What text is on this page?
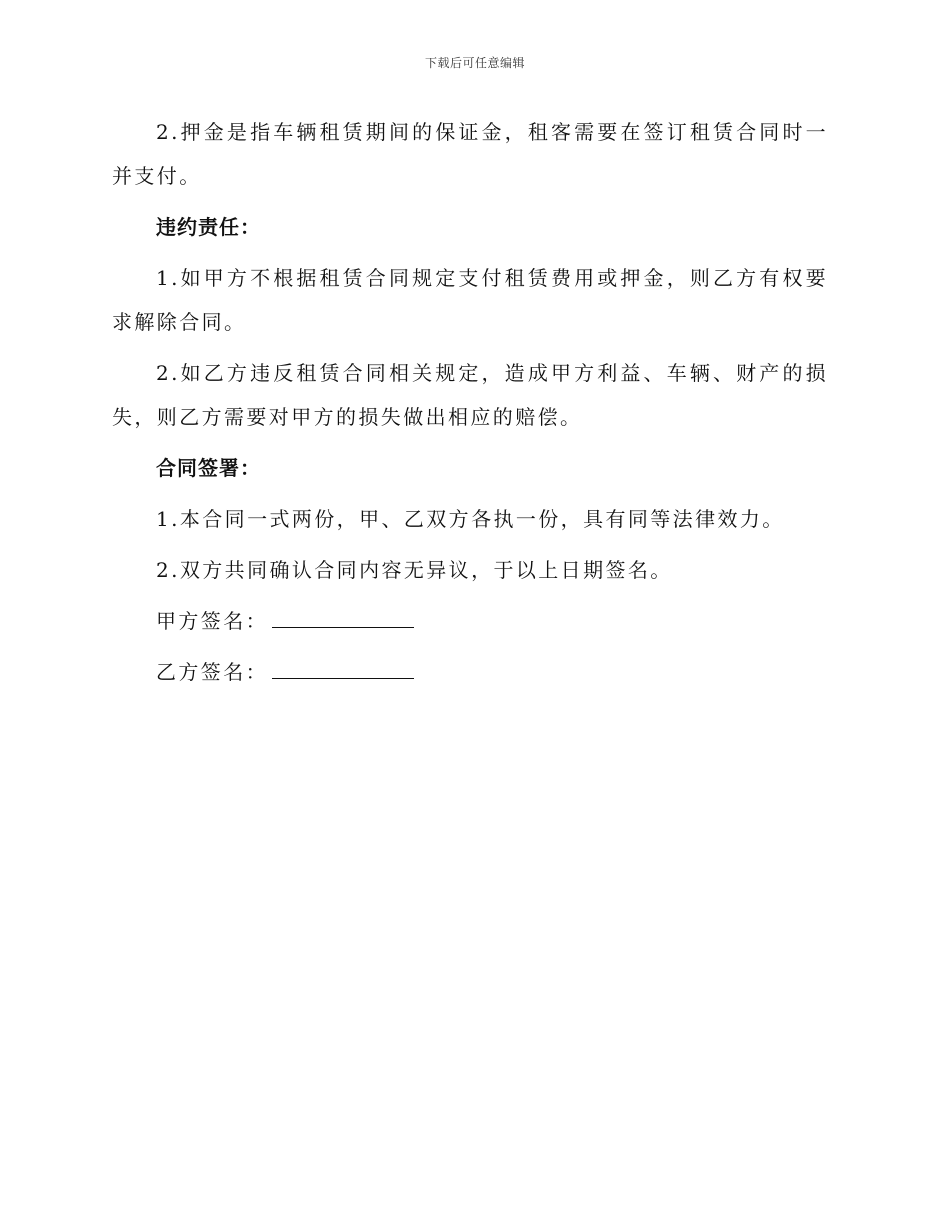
下载后可任意编辑

2.押金是指车辆租赁期间的保证金，租客需要在签订租赁合同时一并支付。

违约责任：

1.如甲方不根据租赁合同规定支付租赁费用或押金，则乙方有权要求解除合同。

2.如乙方违反租赁合同相关规定，造成甲方利益、车辆、财产的损失，则乙方需要对甲方的损失做出相应的赔偿。

合同签署：

1.本合同一式两份，甲、乙双方各执一份，具有同等法律效力。

2.双方共同确认合同内容无异议，于以上日期签名。

甲方签名：

乙方签名：
